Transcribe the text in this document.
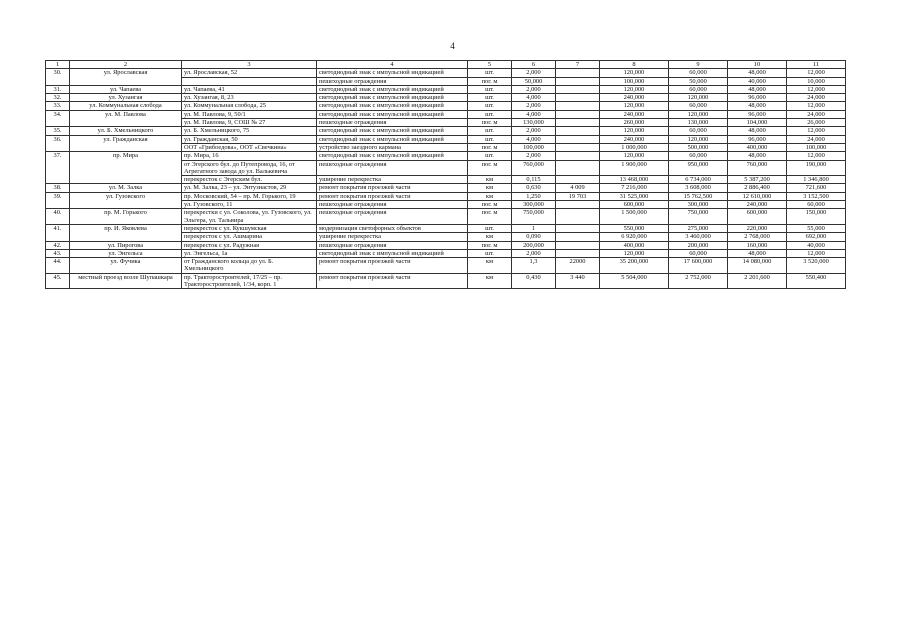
4
1	2	3	4	5	6	7	8	9	10	11
30.	ул. Ярославская	ул. Ярославская, 52	светодиодный знак с импульсной индикацией	шт.	2,000		120,000	60,000	48,000	12,000
			пешеходные ограждения	пог. м	50,000		100,000	50,000	40,000	10,000
31.	ул. Чапаева	ул. Чапаева, 41	светодиодный знак с импульсной индикацией	шт.	2,000		120,000	60,000	48,000	12,000
32.	ул. Хузангая	ул. Хузангая, 8, 23	светодиодный знак с импульсной индикацией	шт.	4,000		240,000	120,000	96,000	24,000
33.	ул. Коммунальная слобода	ул. Коммунальная слобода, 25	светодиодный знак с импульсной индикацией	шт.	2,000		120,000	60,000	48,000	12,000
34.	ул. М. Павлова	ул. М. Павлова, 9, 50/1	светодиодный знак с импульсной индикацией	шт.	4,000		240,000	120,000	96,000	24,000
		ул. М. Павлова, 9, СОШ № 27	пешеходные ограждения	пог. м	130,000		260,000	130,000	104,000	26,000
35.	ул. Б. Хмельницкого	ул. Б. Хмельницкого, 75	светодиодный знак с импульсной индикацией	шт.	2,000		120,000	60,000	48,000	12,000
36.	ул. Гражданская	ул. Гражданская, 50	светодиодный знак с импульсной индикацией	шт.	4,000		240,000	120,000	96,000	24,000
		ООТ «Грибоедова», ООТ «Свечкина»	устройство заездного кармана	пог. м	100,000		1 000,000	500,000	400,000	100,000
37.	пр. Мира	пр. Мира, 16	светодиодный знак с импульсной индикацией	шт.	2,000		120,000	60,000	48,000	12,000
		от Эгерского бул. до Путепровода, 16, от Агрегатного завода до ул. Валькевича	пешеходные ограждения	пог. м	760,000		1 900,000	950,000	760,000	190,000
		перекресток с Эгерским бул.	уширение перекрестка	км	0,115		13 468,000	6 734,000	5 387,200	1 346,800
38.	ул. М. Залка	ул. М. Залка, 23 – ул. Энтузиастов, 29	ремонт покрытия проезжей части	км	0,630	4 009	7 216,000	3 608,000	2 886,400	721,600
39.	ул. Гузовского	пр. Московский, 54 – пр. М. Горького, 19	ремонт покрытия проезжей части	км	1,250	19 703	31 525,000	15 762,500	12 610,000	3 152,500
		ул. Гузовского, 11	пешеходные ограждения	пог. м	300,000		600,000	300,000	240,000	60,000
40.	пр. М. Горького	перекрестки с ул. Соколова, ул. Гузовского, ул. Эльгера, ул. Тальвира	пешеходные ограждения	пог. м	750,000		1 500,000	750,000	600,000	150,000
41.	пр. И. Яковлева	перекресток с ул. Кукшумская	модернизация светофорных объектов	шт.	1		550,000	275,000	220,000	55,000
		перекресток с ул. Ашмарина	уширение перекрестка	км	0,090		6 920,000	3 460,000	2 768,000	692,000
42.	ул. Пирогова	перекресток с ул. Радужная	пешеходные ограждения	пог. м	200,000		400,000	200,000	160,000	40,000
43.	ул. Энгельса	ул. Энгельса, 1а	светодиодный знак с импульсной индикацией	шт.	2,000		120,000	60,000	48,000	12,000
44.	ул. Фучика	от Гражданского кольца до ул. Б. Хмельницкого	ремонт покрытия проезжей части	км	1,3	22000	35 200,000	17 600,000	14 080,000	3 520,000
45.	местный проезд возле Шупашкара	пр. Тракторостроителей, 17/25 – пр. Тракторостроителей, 1/34, корп. 1	ремонт покрытия проезжей части	км	0,430	3 440	5 504,000	2 752,000	2 201,600	550,400
